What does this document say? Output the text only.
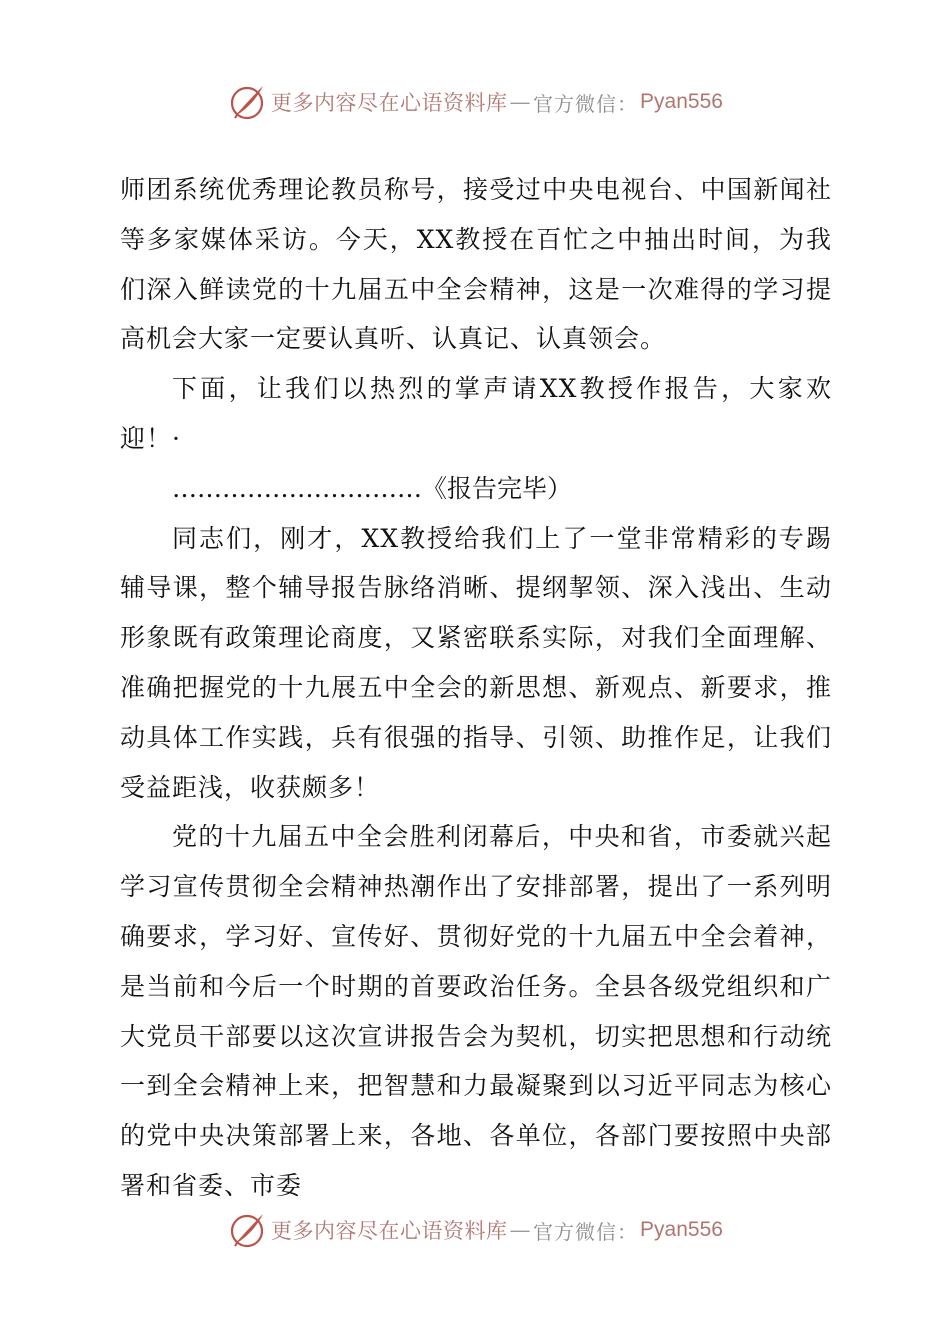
更多内容尽在心语资料库 — 官方微信： Pyan556

师团系统优秀理论教员称号，接受过中央电视台、中国新闻社等多家媒体采访。今天，XX教授在百忙之中抽出时间，为我们深入鲜读党的十九届五中全会精神，这是一次难得的学习提高机会大家一定要认真听、认真记、认真领会。

下面，让我们以热烈的掌声请XX教授作报告，大家欢迎！·

…………………………《报告完毕）

同志们，刚才，XX教授给我们上了一堂非常精彩的专踢辅导课，整个辅导报告脉络消晰、提纲挈领、深入浅出、生动形象既有政策理论商度，又紧密联系实际，对我们全面理解、准确把握党的十九展五中全会的新思想、新观点、新要求，推动具体工作实践，兵有很强的指导、引领、助推作足，让我们受益距浅，收获颇多！

党的十九届五中全会胜利闭幕后，中央和省，市委就兴起学习宣传贯彻全会精神热潮作出了安排部署，提出了一系列明确要求，学习好、宣传好、贯彻好党的十九届五中全会着神，是当前和今后一个时期的首要政治任务。全县各级党组织和广大党员干部要以这次宣讲报告会为契机，切实把思想和行动统一到全会精神上来，把智慧和力最凝聚到以习近平同志为核心的党中央决策部署上来，各地、各单位，各部门要按照中央部署和省委、市委

更多内容尽在心语资料库 — 官方微信： Pyan556
